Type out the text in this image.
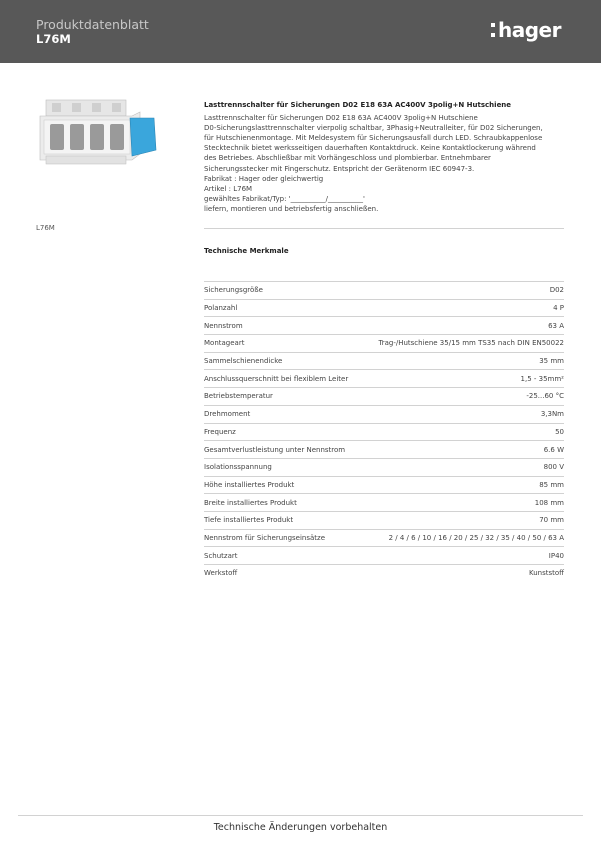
Produktdatenblatt
L76M	hager
L76M
Lasttrennschalter für Sicherungen D02 E18 63A AC400V 3polig+N Hutschiene

Lasttrennschalter für Sicherungen D02 E18 63A AC400V 3polig+N Hutschiene

D0-Sicherungslasttrennschalter vierpolig schaltbar, 3Phasig+Neutralleiter, für D02 Sicherungen,

für Hutschienenmontage. Mit Meldesystem für Sicherungsausfall durch LED. Schraubkappenlose

Stecktechnik bietet werksseitigen dauerhaften Kontaktdruck. Keine Kontaktlockerung während

des Betriebes. Abschließbar mit Vorhängeschloss und plombierbar. Entnehmbarer

Sicherungsstecker mit Fingerschutz. Entspricht der Gerätenorm IEC 60947-3.

Fabrikat : Hager oder gleichwertig

Artikel : L76M

gewähltes Fabrikat/Typ: '__________/__________'

liefern, montieren und betriebsfertig anschließen.

Technische Merkmale
Sicherungsgröße	D02
Polanzahl	4 P
Nennstrom	63 A
Montageart	Trag-/Hutschiene 35/15 mm TS35 nach DIN EN50022
Sammelschienendicke	35 mm
Anschlussquerschnitt bei flexiblem Leiter	1,5 - 35mm²
Betriebstemperatur	-25...60 °C
Drehmoment	3,3Nm
Frequenz	50
Gesamtverlustleistung unter Nennstrom	6.6 W
Isolationsspannung	800 V
Höhe installiertes Produkt	85 mm
Breite installiertes Produkt	108 mm
Tiefe installiertes Produkt	70 mm
Nennstrom für Sicherungseinsätze	2 / 4 / 6 / 10 / 16 / 20 / 25 / 32 / 35 / 40 / 50 / 63 A
Schutzart	IP40
Werkstoff	Kunststoff
Technische Änderungen vorbehalten
